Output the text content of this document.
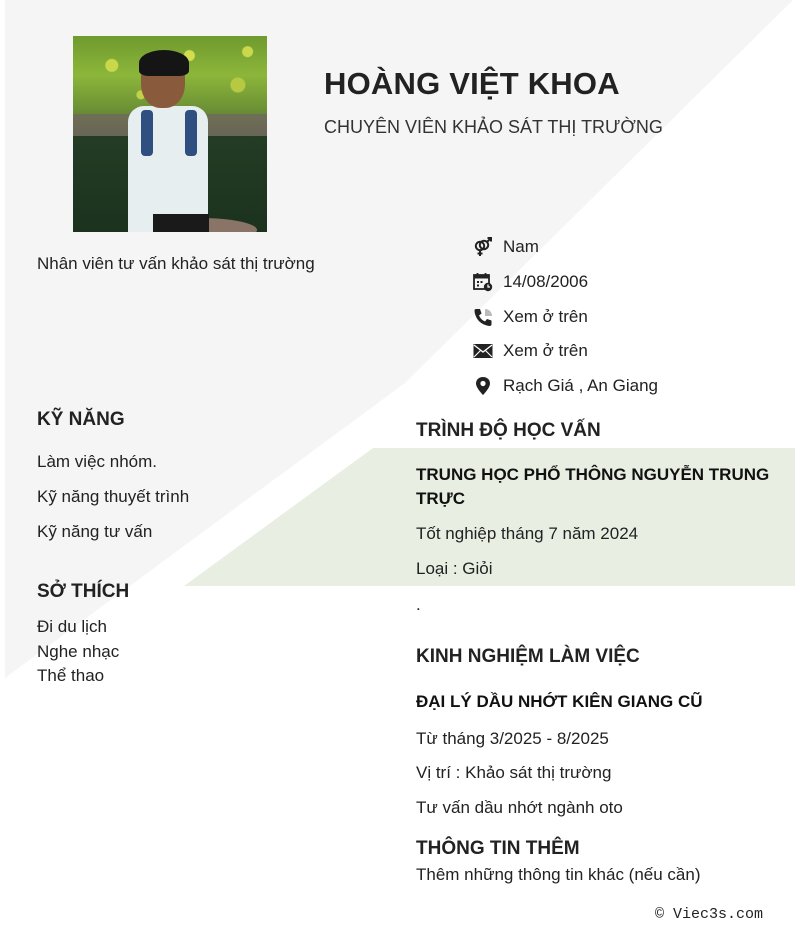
HOÀNG VIỆT KHOA
CHUYÊN VIÊN KHẢO SÁT THỊ TRƯỜNG
Nhân viên tư vấn khảo sát thị trường
Nam
14/08/2006
Xem ở trên
Xem ở trên
Rạch Giá , An Giang
KỸ NĂNG
Làm việc nhóm.
Kỹ năng thuyết trình
Kỹ năng tư vấn
SỞ THÍCH
Đi du lịch
Nghe nhạc
Thể thao
TRÌNH ĐỘ HỌC VẤN
TRUNG HỌC PHỔ THÔNG NGUYỄN TRUNG TRỰC
Tốt nghiệp tháng 7 năm 2024
Loại : Giỏi
.
KINH NGHIỆM LÀM VIỆC
ĐẠI LÝ DẦU NHỚT KIÊN GIANG CŨ
Từ tháng 3/2025 - 8/2025
Vị trí : Khảo sát thị trường
Tư vấn dầu nhớt ngành oto
THÔNG TIN THÊM
Thêm những thông tin khác (nếu cần)
© Viec3s.com
